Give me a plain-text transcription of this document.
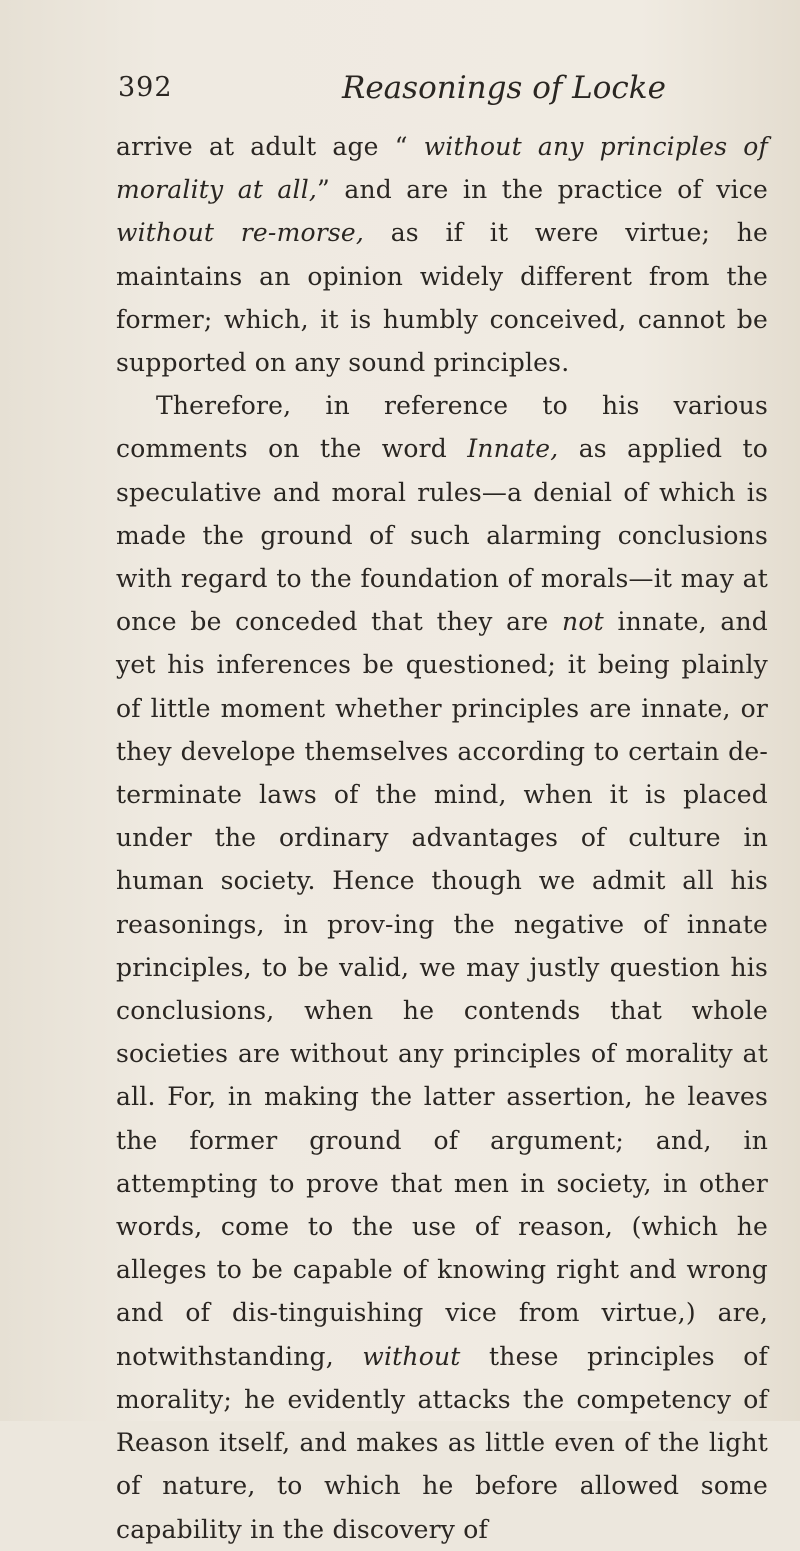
392	Reasonings of Locke

arrive at adult age “ without any principles of morality at all,” and are in the practice of vice without re-morse, as if it were virtue; he maintains an opinion widely different from the former; which, it is humbly conceived, cannot be supported on any sound principles.

Therefore, in reference to his various comments on the word Innate, as applied to speculative and moral rules—a denial of which is made the ground of such alarming conclusions with regard to the foundation of morals—it may at once be conceded that they are not innate, and yet his inferences be questioned; it being plainly of little moment whether principles are innate, or they develope themselves according to certain de-terminate laws of the mind, when it is placed under the ordinary advantages of culture in human society. Hence though we admit all his reasonings, in prov-ing the negative of innate principles, to be valid, we may justly question his conclusions, when he contends that whole societies are without any principles of morality at all. For, in making the latter assertion, he leaves the former ground of argument; and, in attempting to prove that men in society, in other words, come to the use of reason, (which he alleges to be capable of knowing right and wrong and of dis-tinguishing vice from virtue,) are, notwithstanding, without these principles of morality; he evidently attacks the competency of Reason itself, and makes as little even of the light of nature, to which he before allowed some capability in the discovery of
